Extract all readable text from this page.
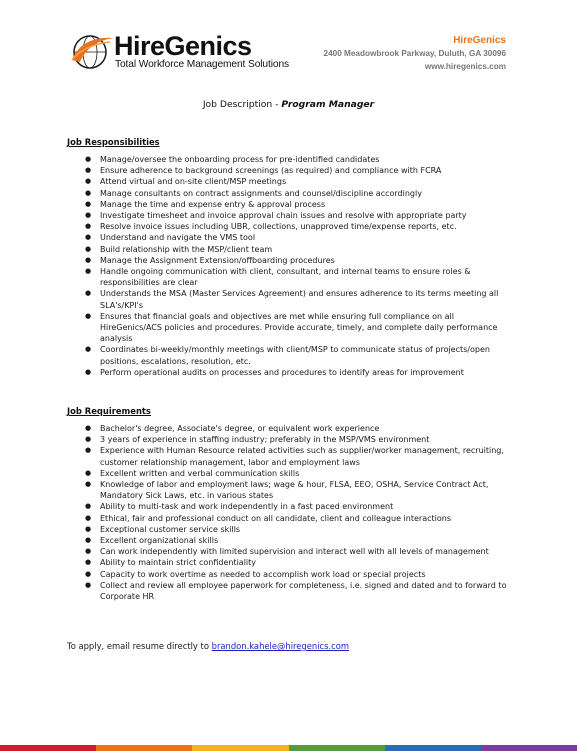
HireGenics
Total Workforce Management Solutions
HireGenics
2400 Meadowbrook Parkway, Duluth, GA 30096
www.hiregenics.com
Job Description - Program Manager
Job Responsibilities
● Manage/oversee the onboarding process for pre-identified candidates
● Ensure adherence to background screenings (as required) and compliance with FCRA
● Attend virtual and on-site client/MSP meetings
● Manage consultants on contract assignments and counsel/discipline accordingly
● Manage the time and expense entry & approval process
● Investigate timesheet and invoice approval chain issues and resolve with appropriate party
● Resolve invoice issues including UBR, collections, unapproved time/expense reports, etc.
● Understand and navigate the VMS tool
● Build relationship with the MSP/client team
● Manage the Assignment Extension/offboarding procedures
● Handle ongoing communication with client, consultant, and internal teams to ensure roles & responsibilities are clear
● Understands the MSA (Master Services Agreement) and ensures adherence to its terms meeting all SLA's/KPI's
● Ensures that financial goals and objectives are met while ensuring full compliance on all HireGenics/ACS policies and procedures. Provide accurate, timely, and complete daily performance analysis
● Coordinates bi-weekly/monthly meetings with client/MSP to communicate status of projects/open positions, escalations, resolution, etc.
● Perform operational audits on processes and procedures to identify areas for improvement
Job Requirements
● Bachelor's degree, Associate's degree, or equivalent work experience
● 3 years of experience in staffing industry; preferably in the MSP/VMS environment
● Experience with Human Resource related activities such as supplier/worker management, recruiting, customer relationship management, labor and employment laws
● Excellent written and verbal communication skills
● Knowledge of labor and employment laws; wage & hour, FLSA, EEO, OSHA, Service Contract Act, Mandatory Sick Laws, etc. in various states
● Ability to multi-task and work independently in a fast paced environment
● Ethical, fair and professional conduct on all candidate, client and colleague interactions
● Exceptional customer service skills
● Excellent organizational skills
● Can work independently with limited supervision and interact well with all levels of management
● Ability to maintain strict confidentiality
● Capacity to work overtime as needed to accomplish work load or special projects
● Collect and review all employee paperwork for completeness, i.e. signed and dated and to forward to Corporate HR
To apply, email resume directly to brandon.kahele@hiregenics.com
